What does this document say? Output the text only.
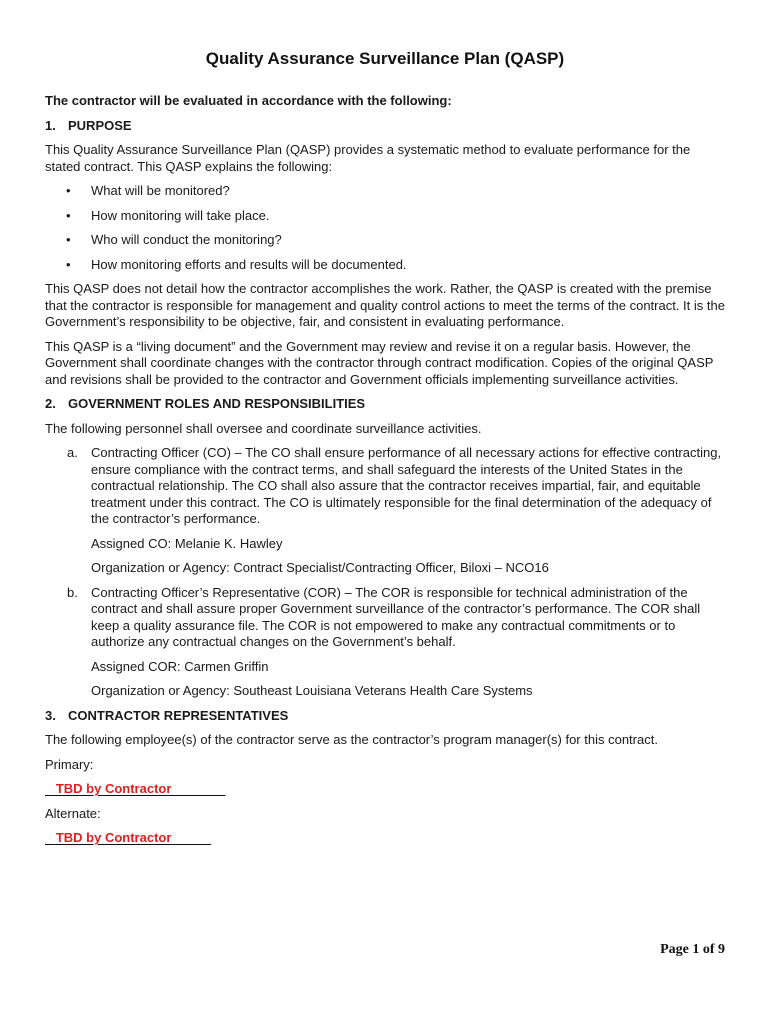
Quality Assurance Surveillance Plan (QASP)

The contractor will be evaluated in accordance with the following:

1. PURPOSE

This Quality Assurance Surveillance Plan (QASP) provides a systematic method to evaluate performance for the stated contract. This QASP explains the following:

• What will be monitored?
• How monitoring will take place.
• Who will conduct the monitoring?
• How monitoring efforts and results will be documented.

This QASP does not detail how the contractor accomplishes the work. Rather, the QASP is created with the premise that the contractor is responsible for management and quality control actions to meet the terms of the contract. It is the Government’s responsibility to be objective, fair, and consistent in evaluating performance.

This QASP is a “living document” and the Government may review and revise it on a regular basis. However, the Government shall coordinate changes with the contractor through contract modification. Copies of the original QASP and revisions shall be provided to the contractor and Government officials implementing surveillance activities.

2. GOVERNMENT ROLES AND RESPONSIBILITIES

The following personnel shall oversee and coordinate surveillance activities.

a. Contracting Officer (CO) – The CO shall ensure performance of all necessary actions for effective contracting, ensure compliance with the contract terms, and shall safeguard the interests of the United States in the contractual relationship. The CO shall also assure that the contractor receives impartial, fair, and equitable treatment under this contract. The CO is ultimately responsible for the final determination of the adequacy of the contractor’s performance.

Assigned CO: Melanie K. Hawley

Organization or Agency: Contract Specialist/Contracting Officer, Biloxi – NCO16

b. Contracting Officer’s Representative (COR) – The COR is responsible for technical administration of the contract and shall assure proper Government surveillance of the contractor’s performance. The COR shall keep a quality assurance file. The COR is not empowered to make any contractual commitments or to authorize any contractual changes on the Government’s behalf.

Assigned COR: Carmen Griffin

Organization or Agency: Southeast Louisiana Veterans Health Care Systems

3. CONTRACTOR REPRESENTATIVES

The following employee(s) of the contractor serve as the contractor’s program manager(s) for this contract.

Primary:

TBD by Contractor

Alternate:

TBD by Contractor

Page 1 of 9
